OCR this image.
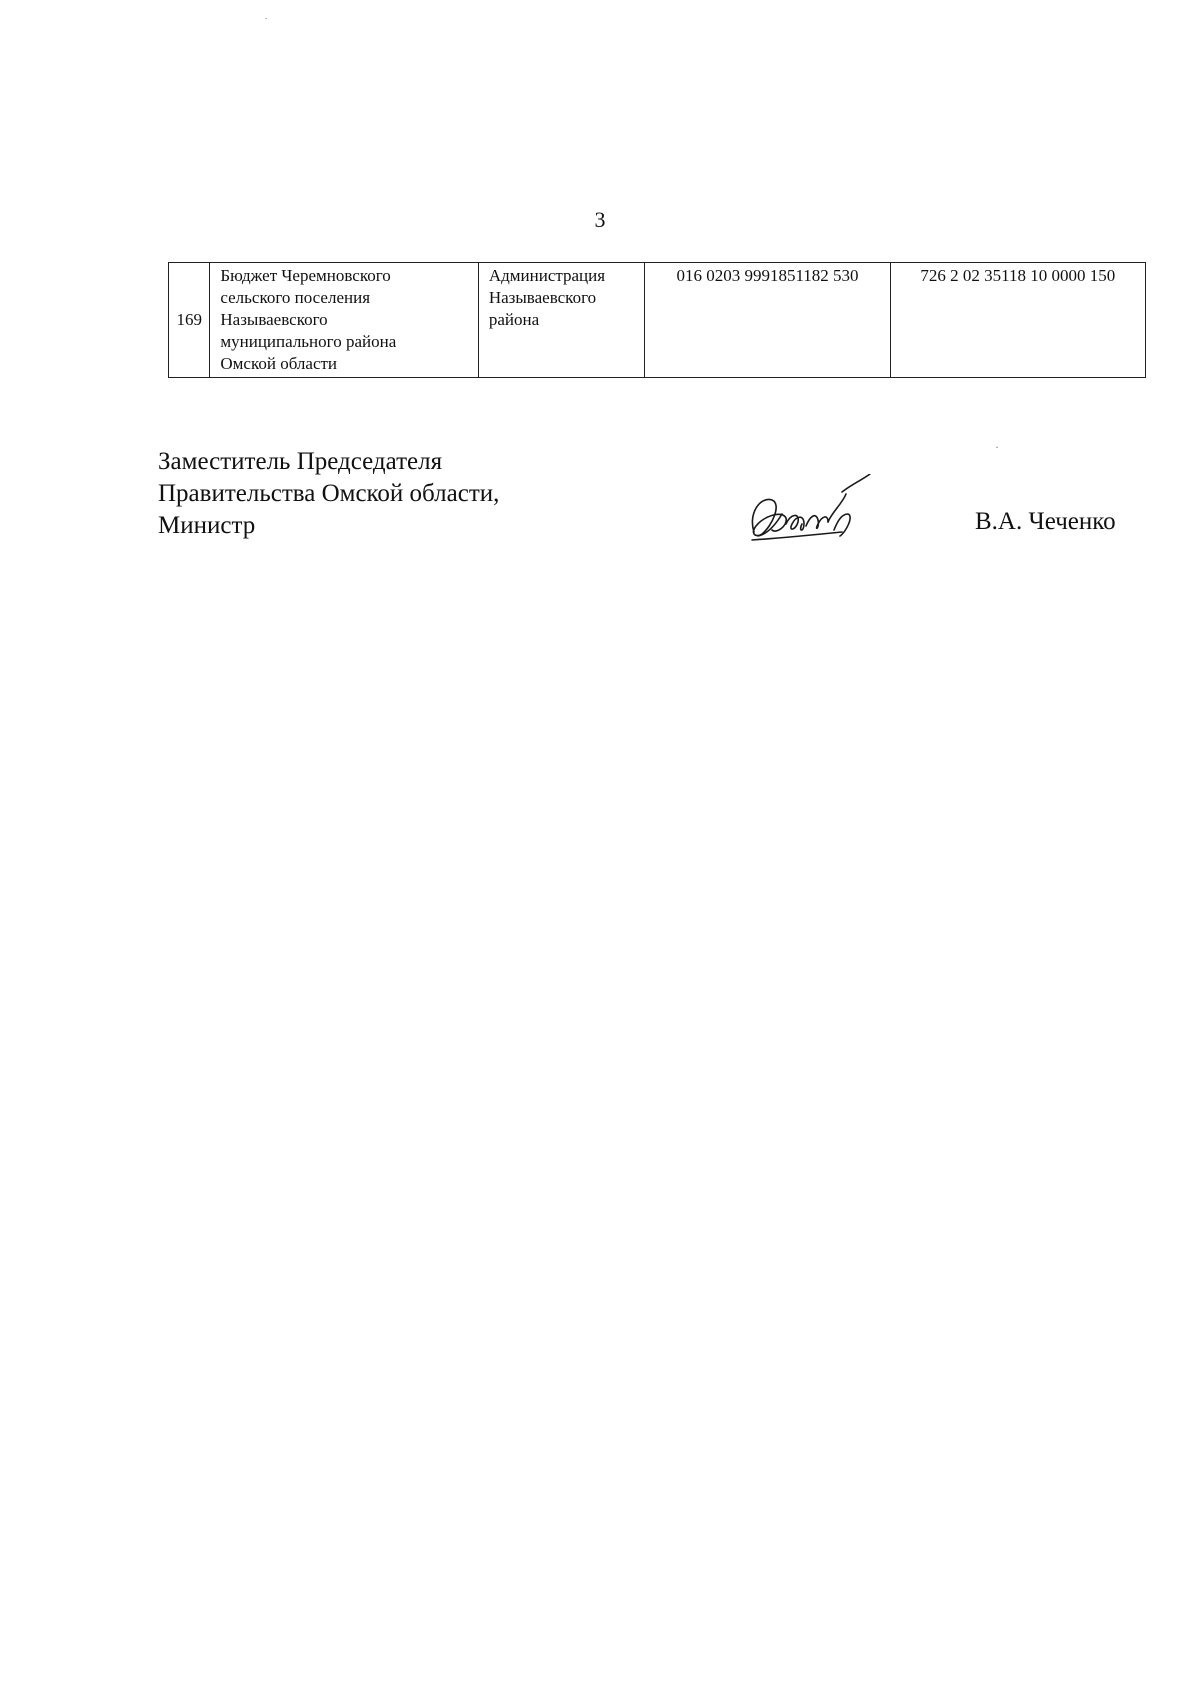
3
169	Бюджет Черемновского
сельского поселения
Называевского
муниципального района
Омской области	Администрация
Называевского
района	016 0203 9991851182 530	726 2 02 35118 10 0000 150
Заместитель Председателя
Правительства Омской области,
Министр
·
В.А. Чеченко
